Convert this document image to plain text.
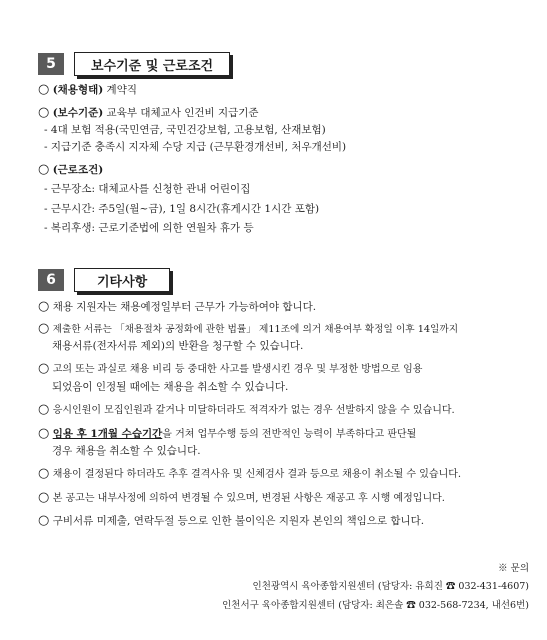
5	보수기준 및 근로조건
○ (채용형태) 계약직
○ (보수기준) 교육부 대체교사 인건비 지급기준
- 4대 보험 적용(국민연금, 국민건강보험, 고용보험, 산재보험)
- 지급기준 충족시 지자체 수당 지급 (근무환경개선비, 처우개선비)
○ (근로조건)
- 근무장소: 대체교사를 신청한 관내 어린이집
- 근무시간: 주5일(월~금), 1일 8시간(휴게시간 1시간 포함)
- 복리후생: 근로기준법에 의한 연월차 휴가 등
6	기타사항
○ 채용 지원자는 채용예정일부터 근무가 가능하여야 합니다.
○ 제출한 서류는 「채용절차 공정화에 관한 법률」 제11조에 의거 채용여부 확정일 이후 14일까지
채용서류(전자서류 제외)의 반환을 청구할 수 있습니다.
○ 고의 또는 과실로 채용 비리 등 중대한 사고를 발생시킨 경우 및 부정한 방법으로 임용
되었음이 인정될 때에는 채용을 취소할 수 있습니다.
○ 응시인원이 모집인원과 같거나 미달하더라도 적격자가 없는 경우 선발하지 않을 수 있습니다.
○ 임용 후 1개월 수습기간을 거쳐 업무수행 등의 전반적인 능력이 부족하다고 판단될
경우 채용을 취소할 수 있습니다.
○ 채용이 결정된다 하더라도 추후 결격사유 및 신체검사 결과 등으로 채용이 취소될 수 있습니다.
○ 본 공고는 내부사정에 의하여 변경될 수 있으며, 변경된 사항은 재공고 후 시행 예정입니다.
○ 구비서류 미제출, 연락두절 등으로 인한 불이익은 지원자 본인의 책임으로 합니다.
※ 문의
인천광역시 육아종합지원센터 (담당자: 유희진 ☎ 032-431-4607)
인천서구 육아종합지원센터 (담당자: 최은솔 ☎ 032-568-7234, 내선6번)
